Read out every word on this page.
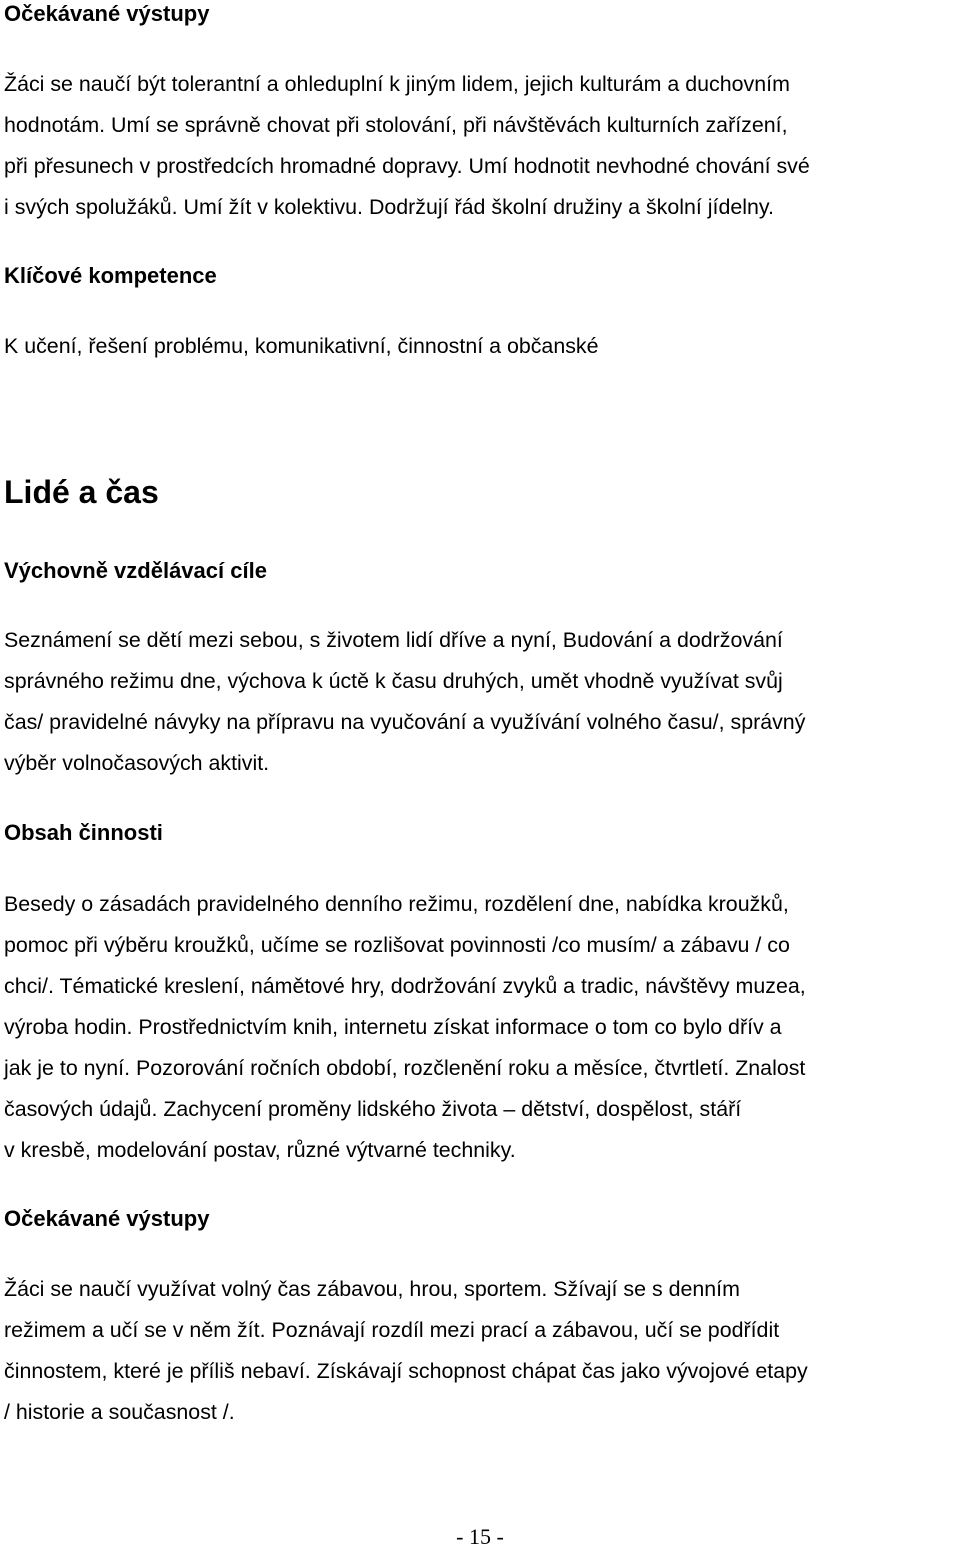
Očekávané výstupy
Žáci se naučí být tolerantní a ohleduplní k jiným lidem, jejich kulturám a duchovním
hodnotám. Umí se správně chovat při stolování, při návštěvách kulturních zařízení,
při přesunech v prostředcích hromadné dopravy. Umí hodnotit nevhodné chování své
i svých spolužáků. Umí žít v kolektivu. Dodržují řád školní družiny a školní jídelny.
Klíčové kompetence
K učení, řešení problému, komunikativní, činnostní a občanské
Lidé a čas
Výchovně vzdělávací cíle
Seznámení se dětí mezi sebou, s životem lidí dříve a nyní, Budování a dodržování
správného režimu dne, výchova k úctě k času druhých, umět vhodně využívat svůj
čas/ pravidelné návyky na přípravu na vyučování a využívání volného času/, správný
výběr volnočasových aktivit.
Obsah činnosti
Besedy o zásadách pravidelného denního režimu, rozdělení dne, nabídka kroužků,
pomoc při výběru kroužků, učíme se rozlišovat povinnosti /co musím/ a zábavu / co
chci/. Tématické kreslení, námětové hry, dodržování zvyků a tradic, návštěvy muzea,
výroba hodin. Prostřednictvím knih, internetu získat informace o tom co bylo dřív a
jak je to nyní. Pozorování ročních období, rozčlenění roku a měsíce, čtvrtletí. Znalost
časových údajů. Zachycení proměny lidského života – dětství, dospělost, stáří
v kresbě, modelování postav, různé výtvarné techniky.
Očekávané výstupy
Žáci se naučí využívat volný čas zábavou, hrou, sportem. Sžívají se s denním
režimem a učí se v něm žít. Poznávají rozdíl mezi prací a zábavou, učí se podřídit
činnostem, které je příliš nebaví. Získávají schopnost chápat čas jako vývojové etapy
/ historie a současnost /.
- 15 -
